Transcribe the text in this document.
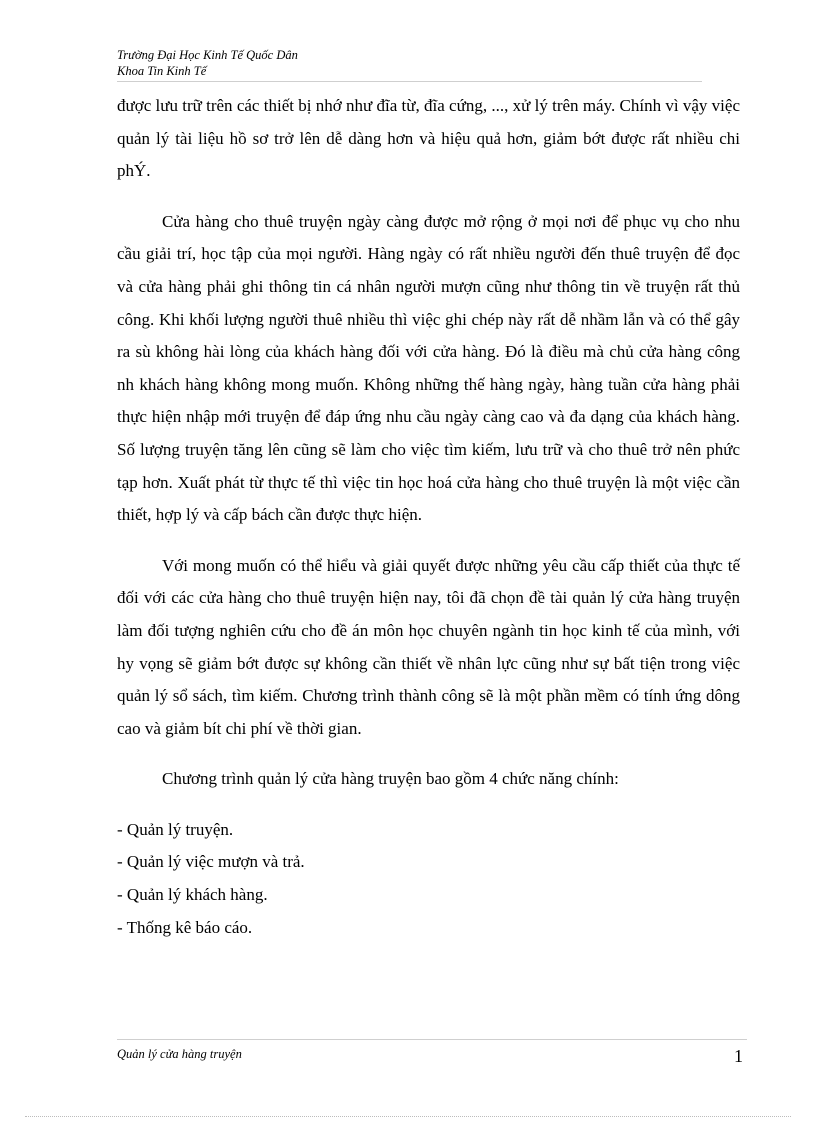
Trường Đại Học Kinh Tế Quốc Dân
Khoa Tin Kinh Tế

được lưu trữ trên các thiết bị nhớ như đĩa từ, đĩa cứng, ..., xử lý trên máy. Chính vì vậy việc quản lý tài liệu hồ sơ trở lên dễ dàng hơn và hiệu quả hơn, giảm bớt được rất nhiều chi phÝ.

Cửa hàng cho thuê truyện ngày càng được mở rộng ở mọi nơi để phục vụ cho nhu cầu giải trí, học tập của mọi người. Hàng ngày có rất nhiều người đến thuê truyện để đọc và cửa hàng phải ghi thông tin cá nhân người mượn cũng như thông tin về truyện rất thủ công. Khi khối lượng người thuê nhiều thì việc ghi chép này rất dễ nhầm lẫn và có thể gây ra sù không hài lòng của khách hàng đối với cửa hàng. Đó là điều mà chủ cửa hàng công nh khách hàng không mong muốn. Không những thế hàng ngày, hàng tuần cửa hàng phải thực hiện nhập mới truyện để đáp ứng nhu cầu ngày càng cao và đa dạng của khách hàng. Số lượng truyện tăng lên cũng sẽ làm cho việc tìm kiếm, lưu trữ và cho thuê trở nên phức tạp hơn. Xuất phát từ thực tế thì việc tin học hoá cửa hàng cho thuê truyện là một việc cần thiết, hợp lý và cấp bách cần được thực hiện.

Với mong muốn có thể hiểu và giải quyết được những yêu cầu cấp thiết của thực tế đối với các cửa hàng cho thuê truyện hiện nay, tôi đã chọn đề tài quản lý cửa hàng truyện làm đối tượng nghiên cứu cho đề án môn học chuyên ngành tin học kinh tế của mình, với hy vọng sẽ giảm bớt được sự không cần thiết về nhân lực cũng như sự bất tiện trong việc quản lý sổ sách, tìm kiếm. Chương trình thành công sẽ là một phần mềm có tính ứng dông cao và giảm bít chi phí về thời gian.

Chương trình quản lý cửa hàng truyện bao gồm 4 chức năng chính:

- Quản lý truyện.

- Quản lý việc mượn và trả.

- Quản lý khách hàng.

- Thống kê báo cáo.

Quản lý cửa hàng truyện	1
